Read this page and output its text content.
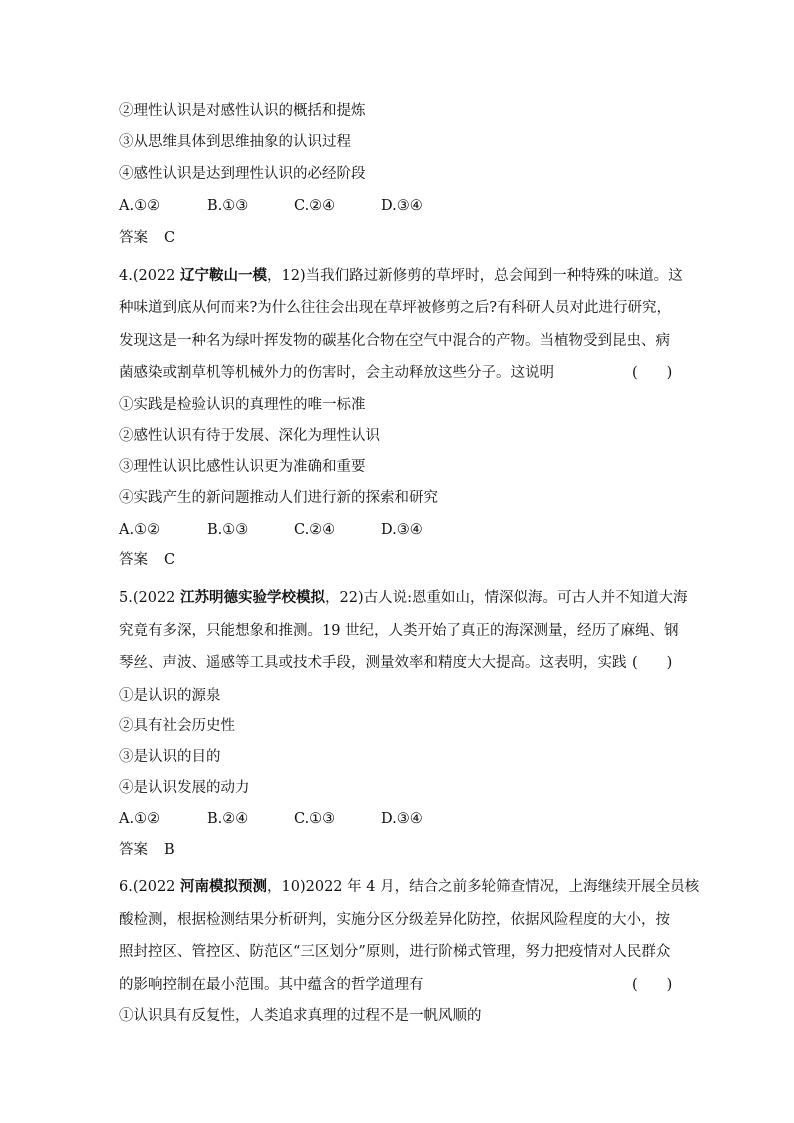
②理性认识是对感性认识的概括和提炼
③从思维具体到思维抽象的认识过程
④感性认识是达到理性认识的必经阶段
A.①②	B.①③	C.②④	D.③④
答案 C
4.(2022 辽宁鞍山一模，12)当我们路过新修剪的草坪时，总会闻到一种特殊的味道。这
种味道到底从何而来?为什么往往会出现在草坪被修剪之后?有科研人员对此进行研究，
发现这是一种名为绿叶挥发物的碳基化合物在空气中混合的产物。当植物受到昆虫、病
菌感染或割草机等机械外力的伤害时，会主动释放这些分子。这说明	(　　)
①实践是检验认识的真理性的唯一标准
②感性认识有待于发展、深化为理性认识
③理性认识比感性认识更为准确和重要
④实践产生的新问题推动人们进行新的探索和研究
A.①②	B.①③	C.②④	D.③④
答案 C
5.(2022 江苏明德实验学校模拟，22)古人说:恩重如山，情深似海。可古人并不知道大海
究竟有多深，只能想象和推测。19 世纪，人类开始了真正的海深测量，经历了麻绳、钢
琴丝、声波、遥感等工具或技术手段，测量效率和精度大大提高。这表明，实践 (　　)
①是认识的源泉
②具有社会历史性
③是认识的目的
④是认识发展的动力
A.①②	B.②④	C.①③	D.③④
答案 B
6.(2022 河南模拟预测，10)2022 年 4 月，结合之前多轮筛查情况，上海继续开展全员核
酸检测，根据检测结果分析研判，实施分区分级差异化防控，依据风险程度的大小，按
照封控区、管控区、防范区“三区划分”原则，进行阶梯式管理，努力把疫情对人民群众
的影响控制在最小范围。其中蕴含的哲学道理有	(　　)
①认识具有反复性，人类追求真理的过程不是一帆风顺的
